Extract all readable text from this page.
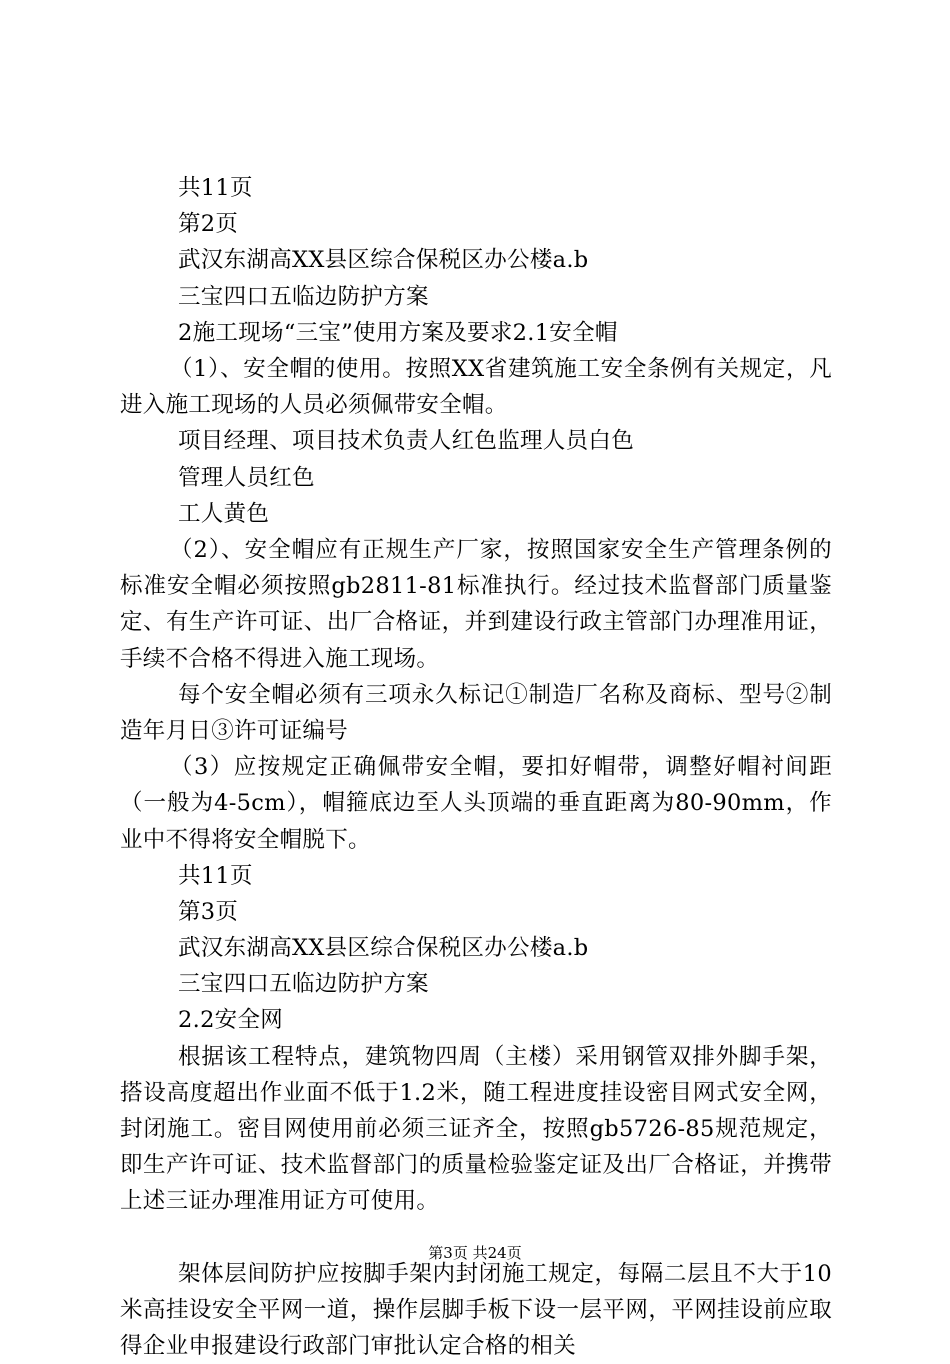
共11页
第2页
武汉东湖高XX县区综合保税区办公楼a.b
三宝四口五临边防护方案
2施工现场“三宝”使用方案及要求2.1安全帽
（1）、安全帽的使用。按照XX省建筑施工安全条例有关规定，凡进入施工现场的人员必须佩带安全帽。
项目经理、项目技术负责人红色监理人员白色
管理人员红色
工人黄色
（2）、安全帽应有正规生产厂家，按照国家安全生产管理条例的标准安全帽必须按照gb2811-81标准执行。经过技术监督部门质量鉴定、有生产许可证、出厂合格证，并到建设行政主管部门办理准用证，手续不合格不得进入施工现场。
每个安全帽必须有三项永久标记①制造厂名称及商标、型号②制造年月日③许可证编号
（3）应按规定正确佩带安全帽，要扣好帽带，调整好帽衬间距（一般为4-5cm），帽箍底边至人头顶端的垂直距离为80-90mm，作业中不得将安全帽脱下。
共11页
第3页
武汉东湖高XX县区综合保税区办公楼a.b
三宝四口五临边防护方案
2.2安全网
根据该工程特点，建筑物四周（主楼）采用钢管双排外脚手架，搭设高度超出作业面不低于1.2米，随工程进度挂设密目网式安全网，封闭施工。密目网使用前必须三证齐全，按照gb5726-85规范规定，即生产许可证、技术监督部门的质量检验鉴定证及出厂合格证，并携带上述三证办理准用证方可使用。
架体层间防护应按脚手架内封闭施工规定，每隔二层且不大于10米高挂设安全平网一道，操作层脚手板下设一层平网，平网挂设前应取得企业申报建设行政部门审批认定合格的相关
第3页 共24页
